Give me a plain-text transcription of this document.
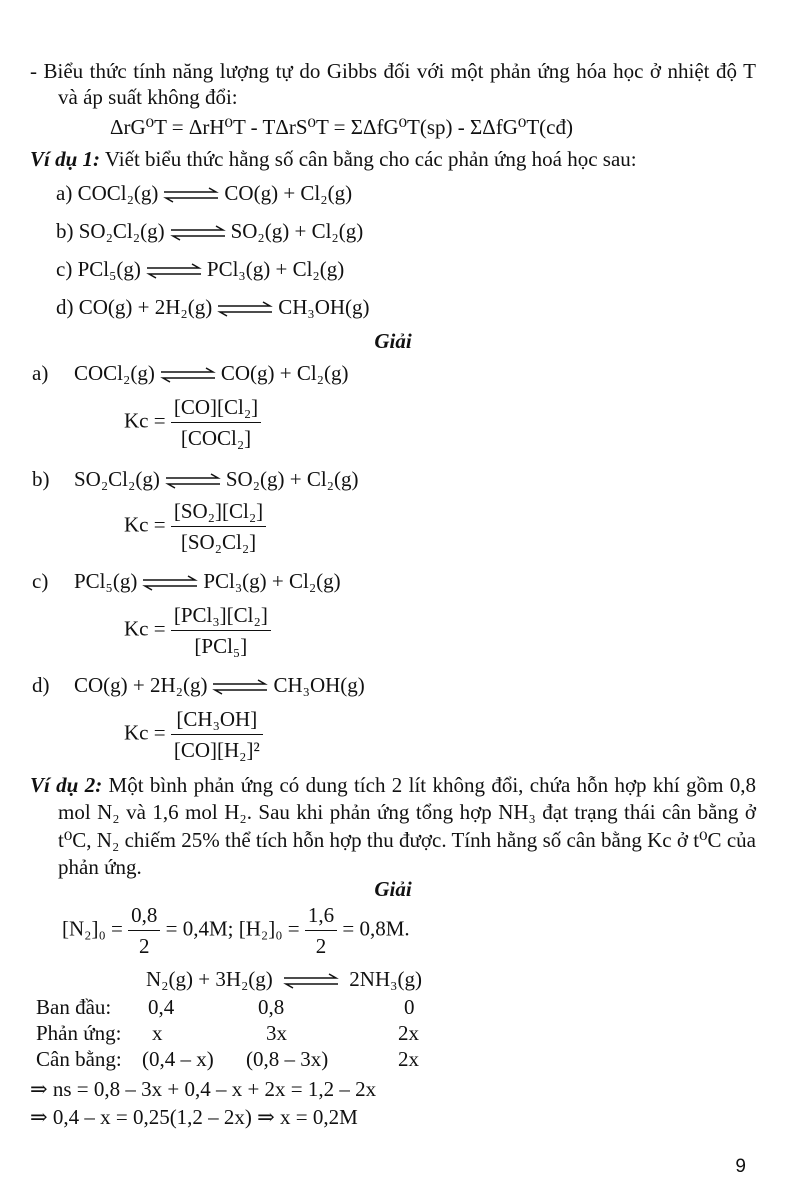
- Biểu thức tính năng lượng tự do Gibbs đối với một phản ứng hóa học ở nhiệt độ T và áp suất không đổi:
ΔrG⁰T = ΔrH⁰T - TΔrS⁰T = ΣΔfG⁰T(sp) - ΣΔfG⁰T(cđ)
Ví dụ 1: Viết biểu thức hằng số cân bằng cho các phản ứng hoá học sau:
a) COCl₂(g) ⇌ CO(g) + Cl₂(g)
b) SO₂Cl₂(g) ⇌ SO₂(g) + Cl₂(g)
c) PCl₅(g) ⇌ PCl₃(g) + Cl₂(g)
d) CO(g) + 2H₂(g) ⇌ CH₃OH(g)
Giải
a) COCl₂(g) ⇌ CO(g) + Cl₂(g)
$Kc = \frac{\text{[CO][Cl₂]}}{\text{[COCl₂]}}$
b) SO₂Cl₂(g) ⇌ SO₂(g) + Cl₂(g)
$Kc = \frac{\text{[SO₂][Cl₂]}}{\text{[SO₂Cl₂]}}$
c) PCl₅(g) ⇌ PCl₃(g) + Cl₂(g)
$Kc = \frac{\text{[PCl₃][Cl₂]}}{\text{[PCl₅]}}$
d) CO(g) + 2H₂(g) ⇌ CH₃OH(g)
$Kc = \frac{\text{[CH₃OH]}}{\text{[CO][H₂]²}}$
Ví dụ 2: Một bình phản ứng có dung tích 2 lít không đổi, chứa hỗn hợp khí gồm 0,8 mol N₂ và 1,6 mol H₂. Sau khi phản ứng tổng hợp NH₃ đạt trạng thái cân bằng ở t⁰C, N₂ chiếm 25% thể tích hỗn hợp thu được. Tính hằng số cân bằng Kc ở t⁰C của phản ứng.
Giải
$[N_2]_0 = \frac{0,8}{2} = 0,4M$; $[H_2]_0 = \frac{1,6}{2} = 0,8M$.
N₂(g) + 3H₂(g) ⇌ 2NH₃(g)
Ban đầu: 0,4	0,8	0
Phản ứng: x	3x	2x
Cân bằng: (0,4 – x) (0,8 – 3x)	2x
⇒ ns = 0,8 – 3x + 0,4 – x + 2x = 1,2 – 2x
⇒ 0,4 – x = 0,25(1,2 – 2x) ⇒ x = 0,2M
9
